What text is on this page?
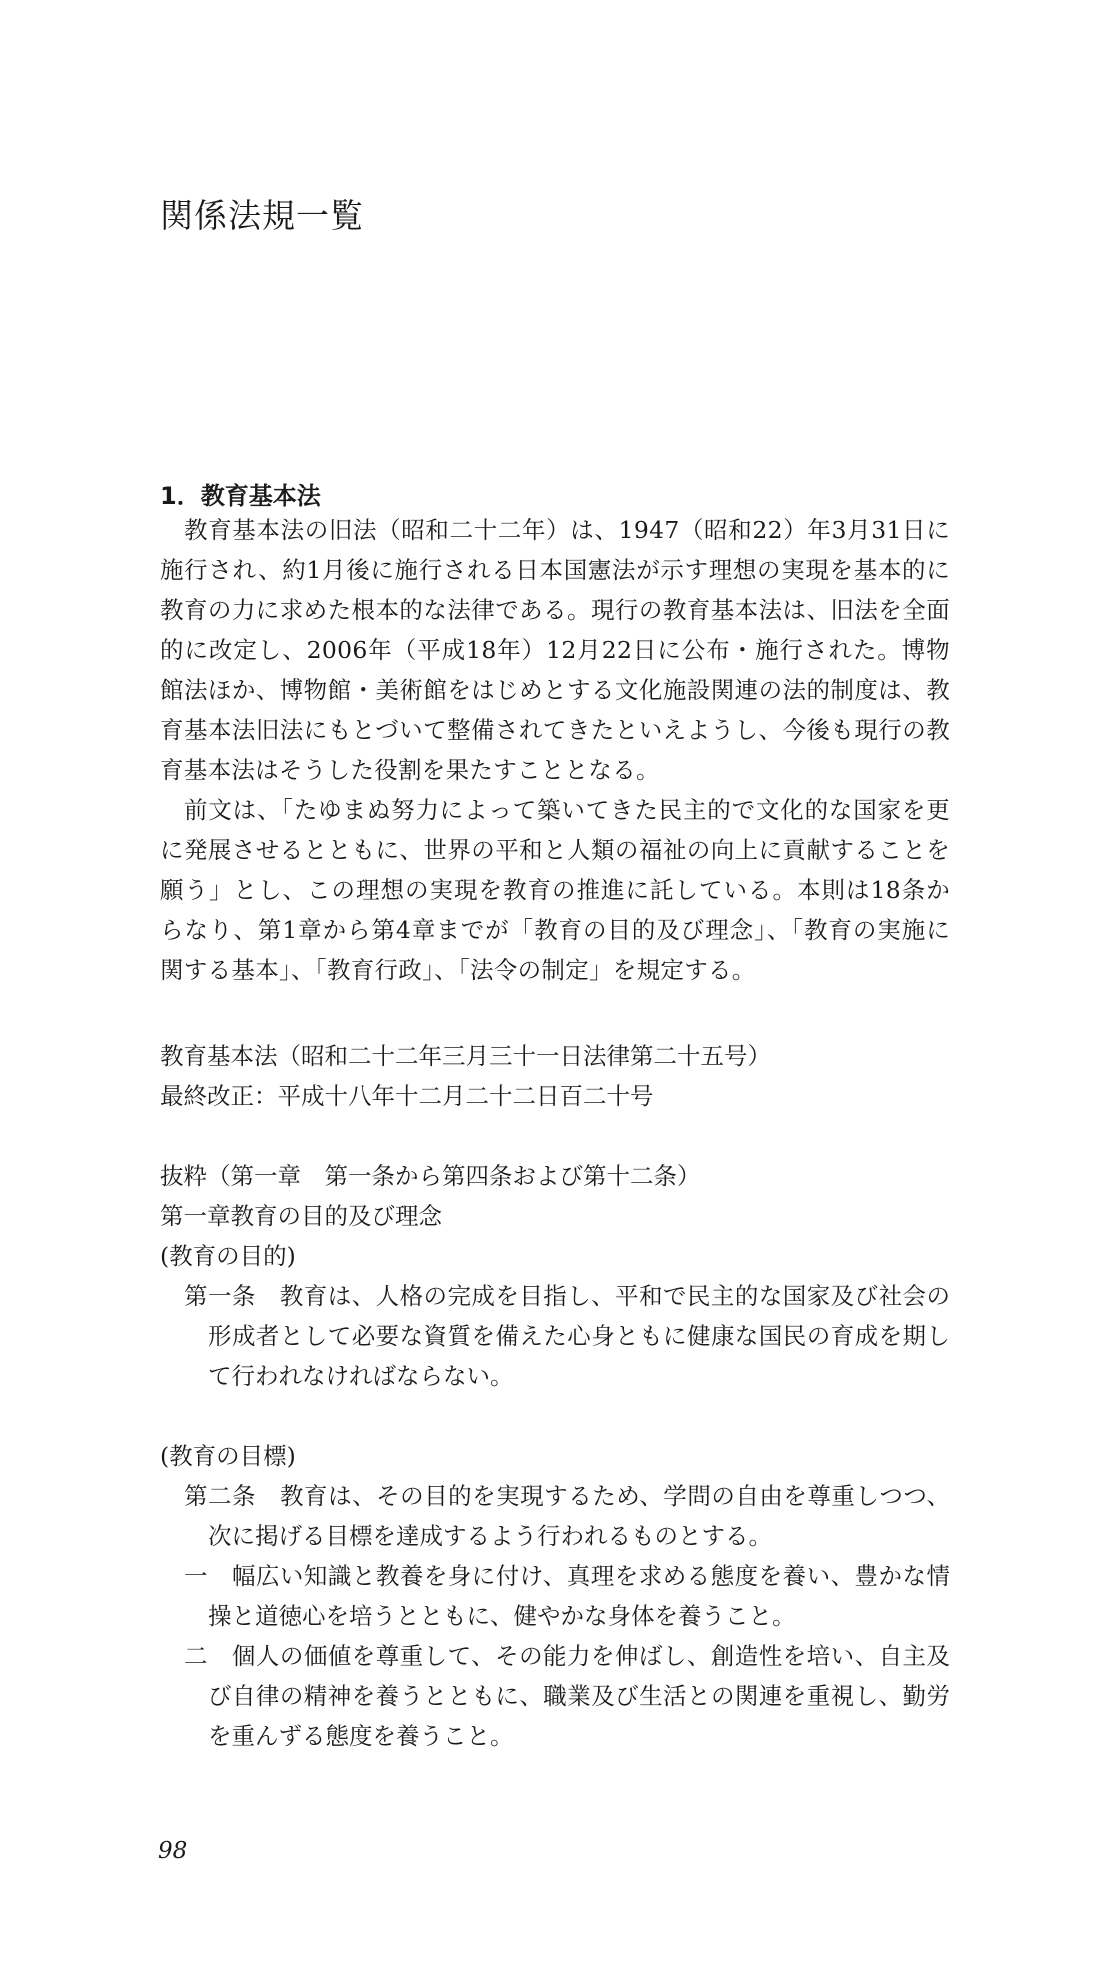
関係法規一覧
1．教育基本法

教育基本法の旧法（昭和二十二年）は、1947（昭和22）年3月31日に施行され、約1月後に施行される日本国憲法が示す理想の実現を基本的に教育の力に求めた根本的な法律である。現行の教育基本法は、旧法を全面的に改定し、2006年（平成18年）12月22日に公布・施行された。博物館法ほか、博物館・美術館をはじめとする文化施設関連の法的制度は、教育基本法旧法にもとづいて整備されてきたといえようし、今後も現行の教育基本法はそうした役割を果たすこととなる。

前文は、「たゆまぬ努力によって築いてきた民主的で文化的な国家を更に発展させるとともに、世界の平和と人類の福祉の向上に貢献することを願う」とし、この理想の実現を教育の推進に託している。本則は18条からなり、第1章から第4章までが「教育の目的及び理念」、「教育の実施に関する基本」、「教育行政」、「法令の制定」を規定する。

教育基本法（昭和二十二年三月三十一日法律第二十五号）

最終改正：平成十八年十二月二十二日百二十号

抜粋（第一章　第一条から第四条および第十二条）

第一章教育の目的及び理念

(教育の目的)

第一条　教育は、人格の完成を目指し、平和で民主的な国家及び社会の形成者として必要な資質を備えた心身ともに健康な国民の育成を期して行われなければならない。

(教育の目標)

第二条　教育は、その目的を実現するため、学問の自由を尊重しつつ、次に掲げる目標を達成するよう行われるものとする。

一　幅広い知識と教養を身に付け、真理を求める態度を養い、豊かな情操と道徳心を培うとともに、健やかな身体を養うこと。

二　個人の価値を尊重して、その能力を伸ばし、創造性を培い、自主及び自律の精神を養うとともに、職業及び生活との関連を重視し、勤労を重んずる態度を養うこと。

98
